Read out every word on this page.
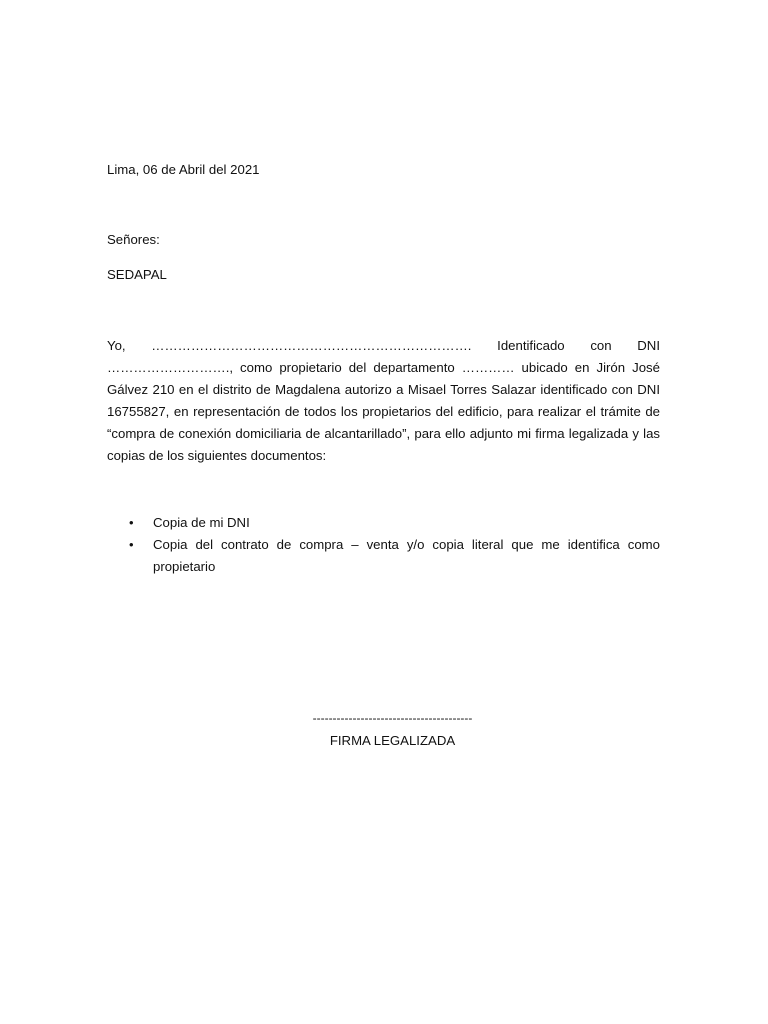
Lima, 06 de Abril del 2021
Señores:
SEDAPAL

Yo, ………………………………………………………………. Identificado con DNI ………………………., como propietario del departamento ………… ubicado en Jirón José Gálvez 210 en el distrito de Magdalena autorizo a Misael Torres Salazar identificado con DNI 16755827, en representación de todos los propietarios del edificio, para realizar el trámite de “compra de conexión domiciliaria de alcantarillado”, para ello adjunto mi firma legalizada y las copias de los siguientes documentos:

• Copia de mi DNI
• Copia del contrato de compra – venta y/o copia literal que me identifica como propietario
----------------------------------------
FIRMA LEGALIZADA
